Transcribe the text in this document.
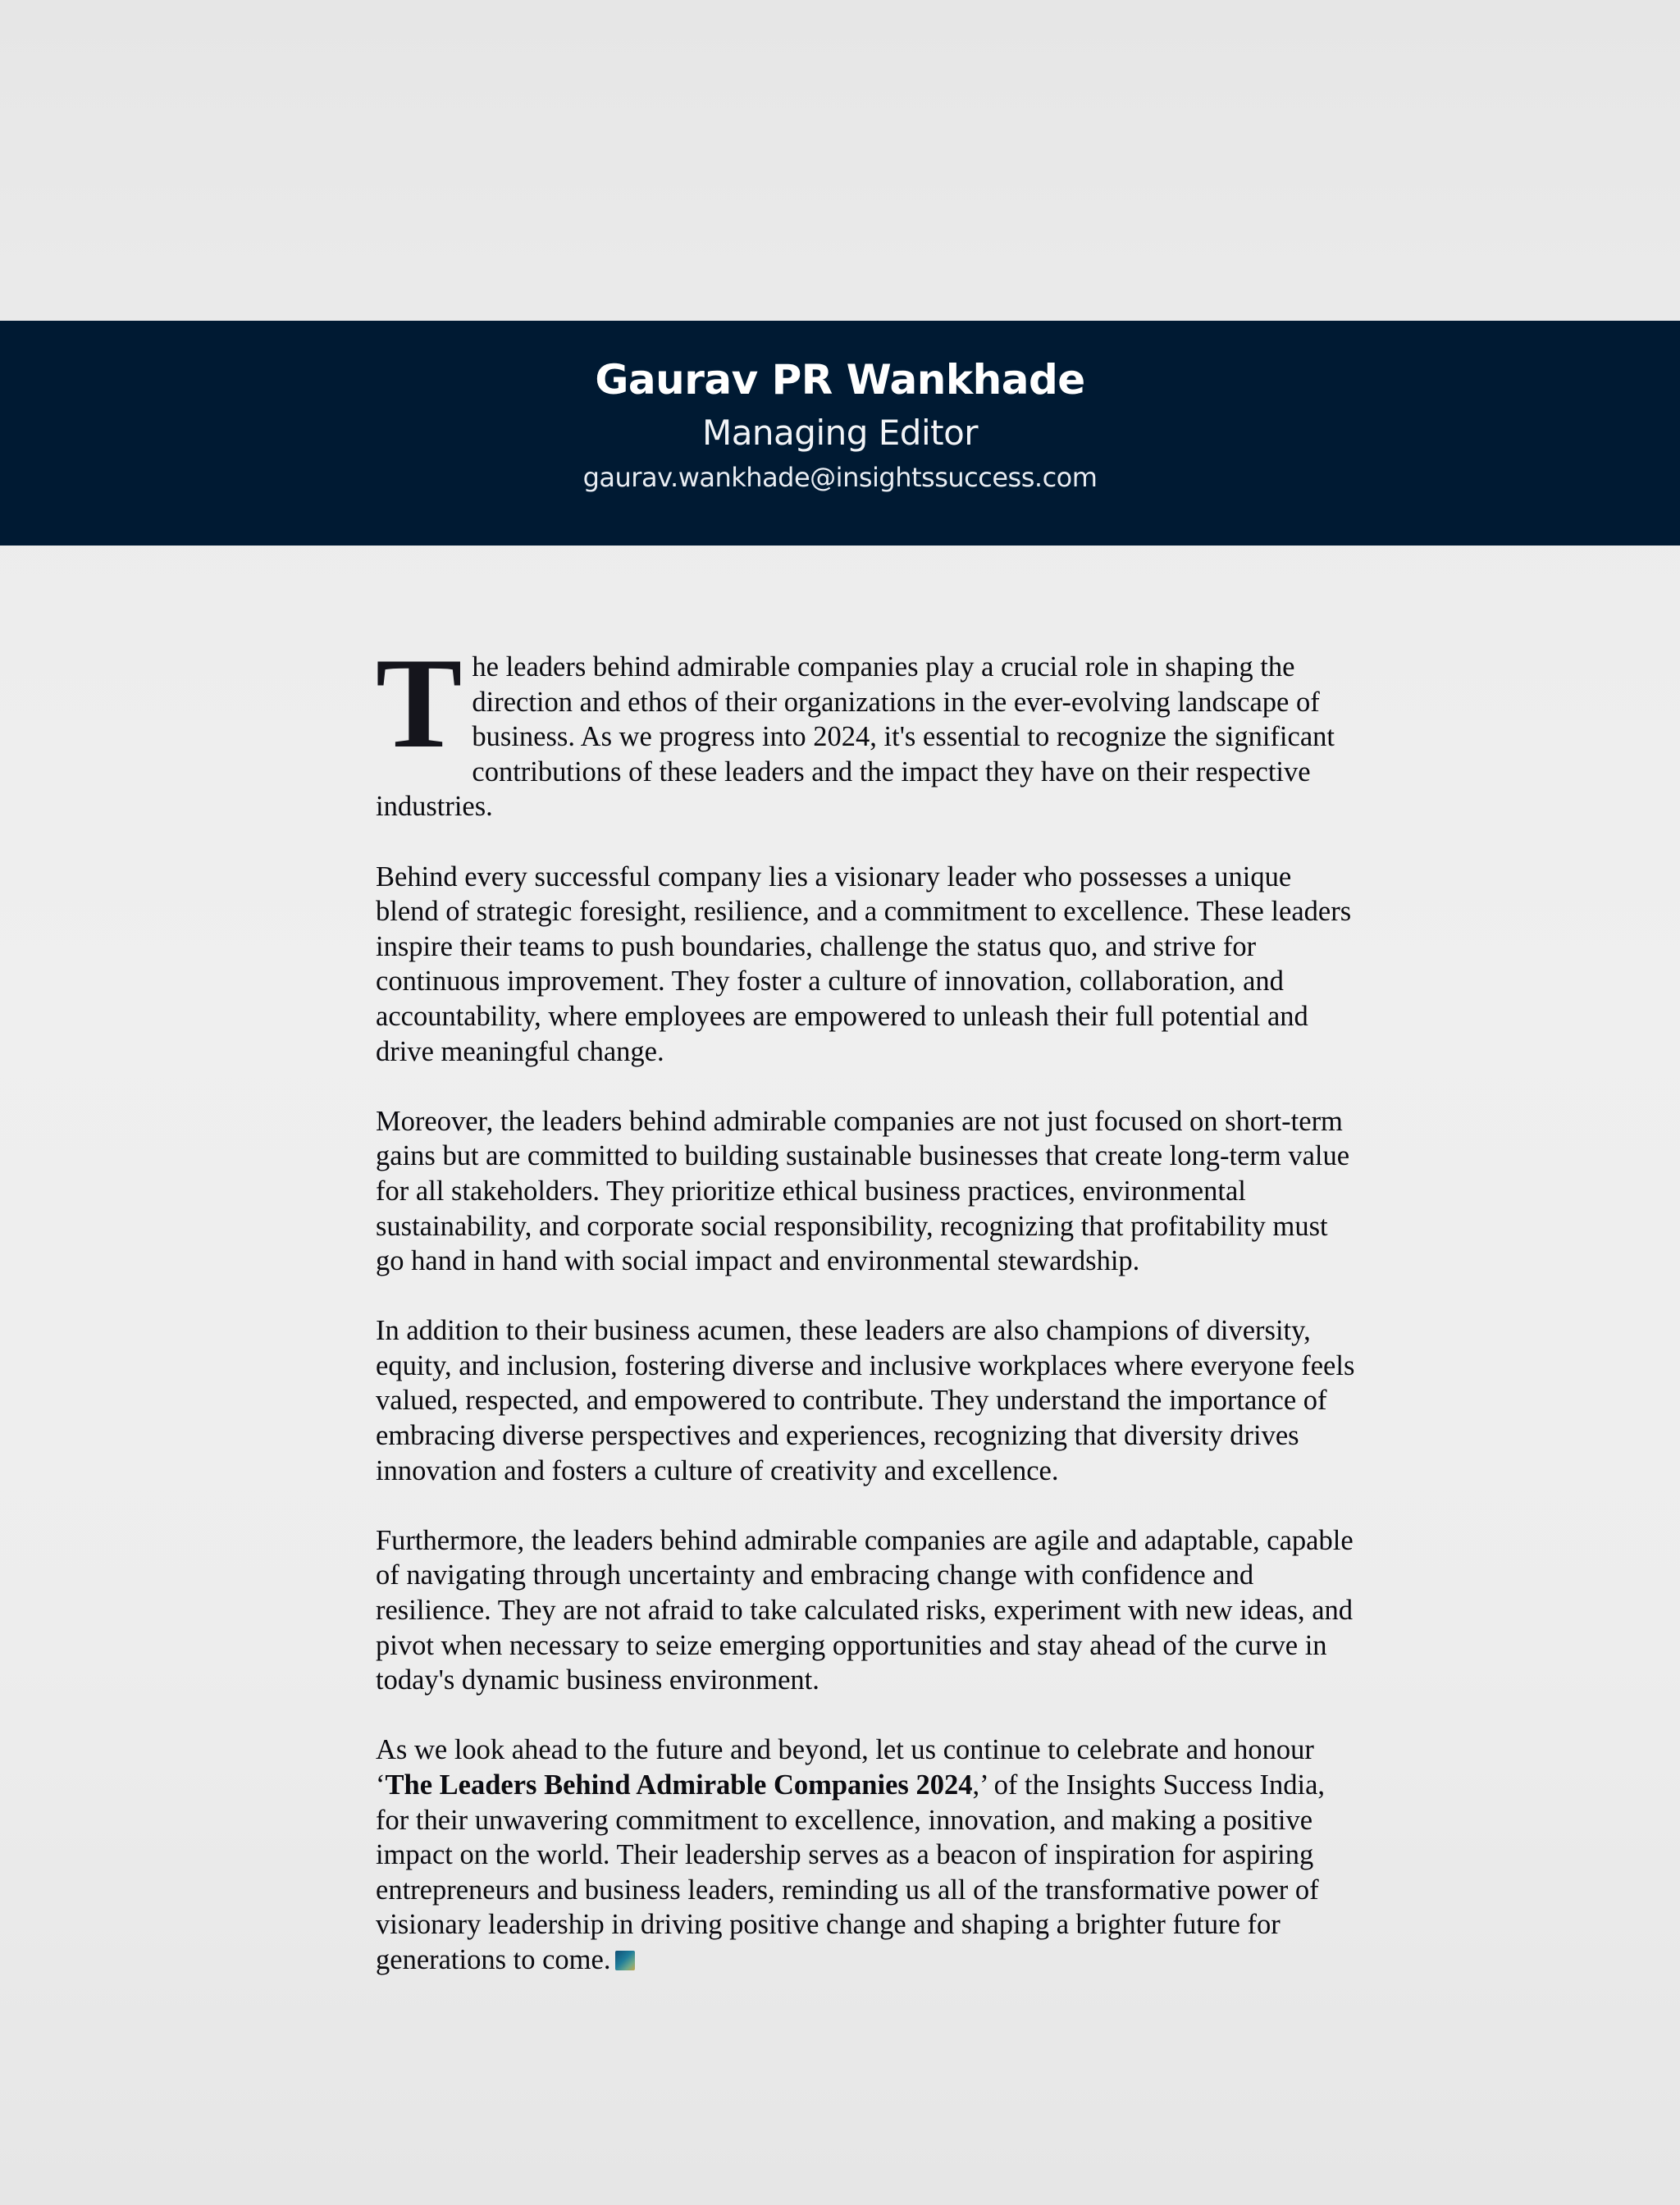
Gaurav PR Wankhade
Managing Editor
gaurav.wankhade@insightssuccess.com

The leaders behind admirable companies play a crucial role in shaping the direction and ethos of their organizations in the ever-evolving landscape of business. As we progress into 2024, it's essential to recognize the significant contributions of these leaders and the impact they have on their respective industries.

Behind every successful company lies a visionary leader who possesses a unique blend of strategic foresight, resilience, and a commitment to excellence. These leaders inspire their teams to push boundaries, challenge the status quo, and strive for continuous improvement. They foster a culture of innovation, collaboration, and accountability, where employees are empowered to unleash their full potential and drive meaningful change.

Moreover, the leaders behind admirable companies are not just focused on short-term gains but are committed to building sustainable businesses that create long-term value for all stakeholders. They prioritize ethical business practices, environmental sustainability, and corporate social responsibility, recognizing that profitability must go hand in hand with social impact and environmental stewardship.

In addition to their business acumen, these leaders are also champions of diversity, equity, and inclusion, fostering diverse and inclusive workplaces where everyone feels valued, respected, and empowered to contribute. They understand the importance of embracing diverse perspectives and experiences, recognizing that diversity drives innovation and fosters a culture of creativity and excellence.

Furthermore, the leaders behind admirable companies are agile and adaptable, capable of navigating through uncertainty and embracing change with confidence and resilience. They are not afraid to take calculated risks, experiment with new ideas, and pivot when necessary to seize emerging opportunities and stay ahead of the curve in today's dynamic business environment.

As we look ahead to the future and beyond, let us continue to celebrate and honour ‘The Leaders Behind Admirable Companies 2024,’ of the Insights Success India, for their unwavering commitment to excellence, innovation, and making a positive impact on the world. Their leadership serves as a beacon of inspiration for aspiring entrepreneurs and business leaders, reminding us all of the transformative power of visionary leadership in driving positive change and shaping a brighter future for generations to come.
